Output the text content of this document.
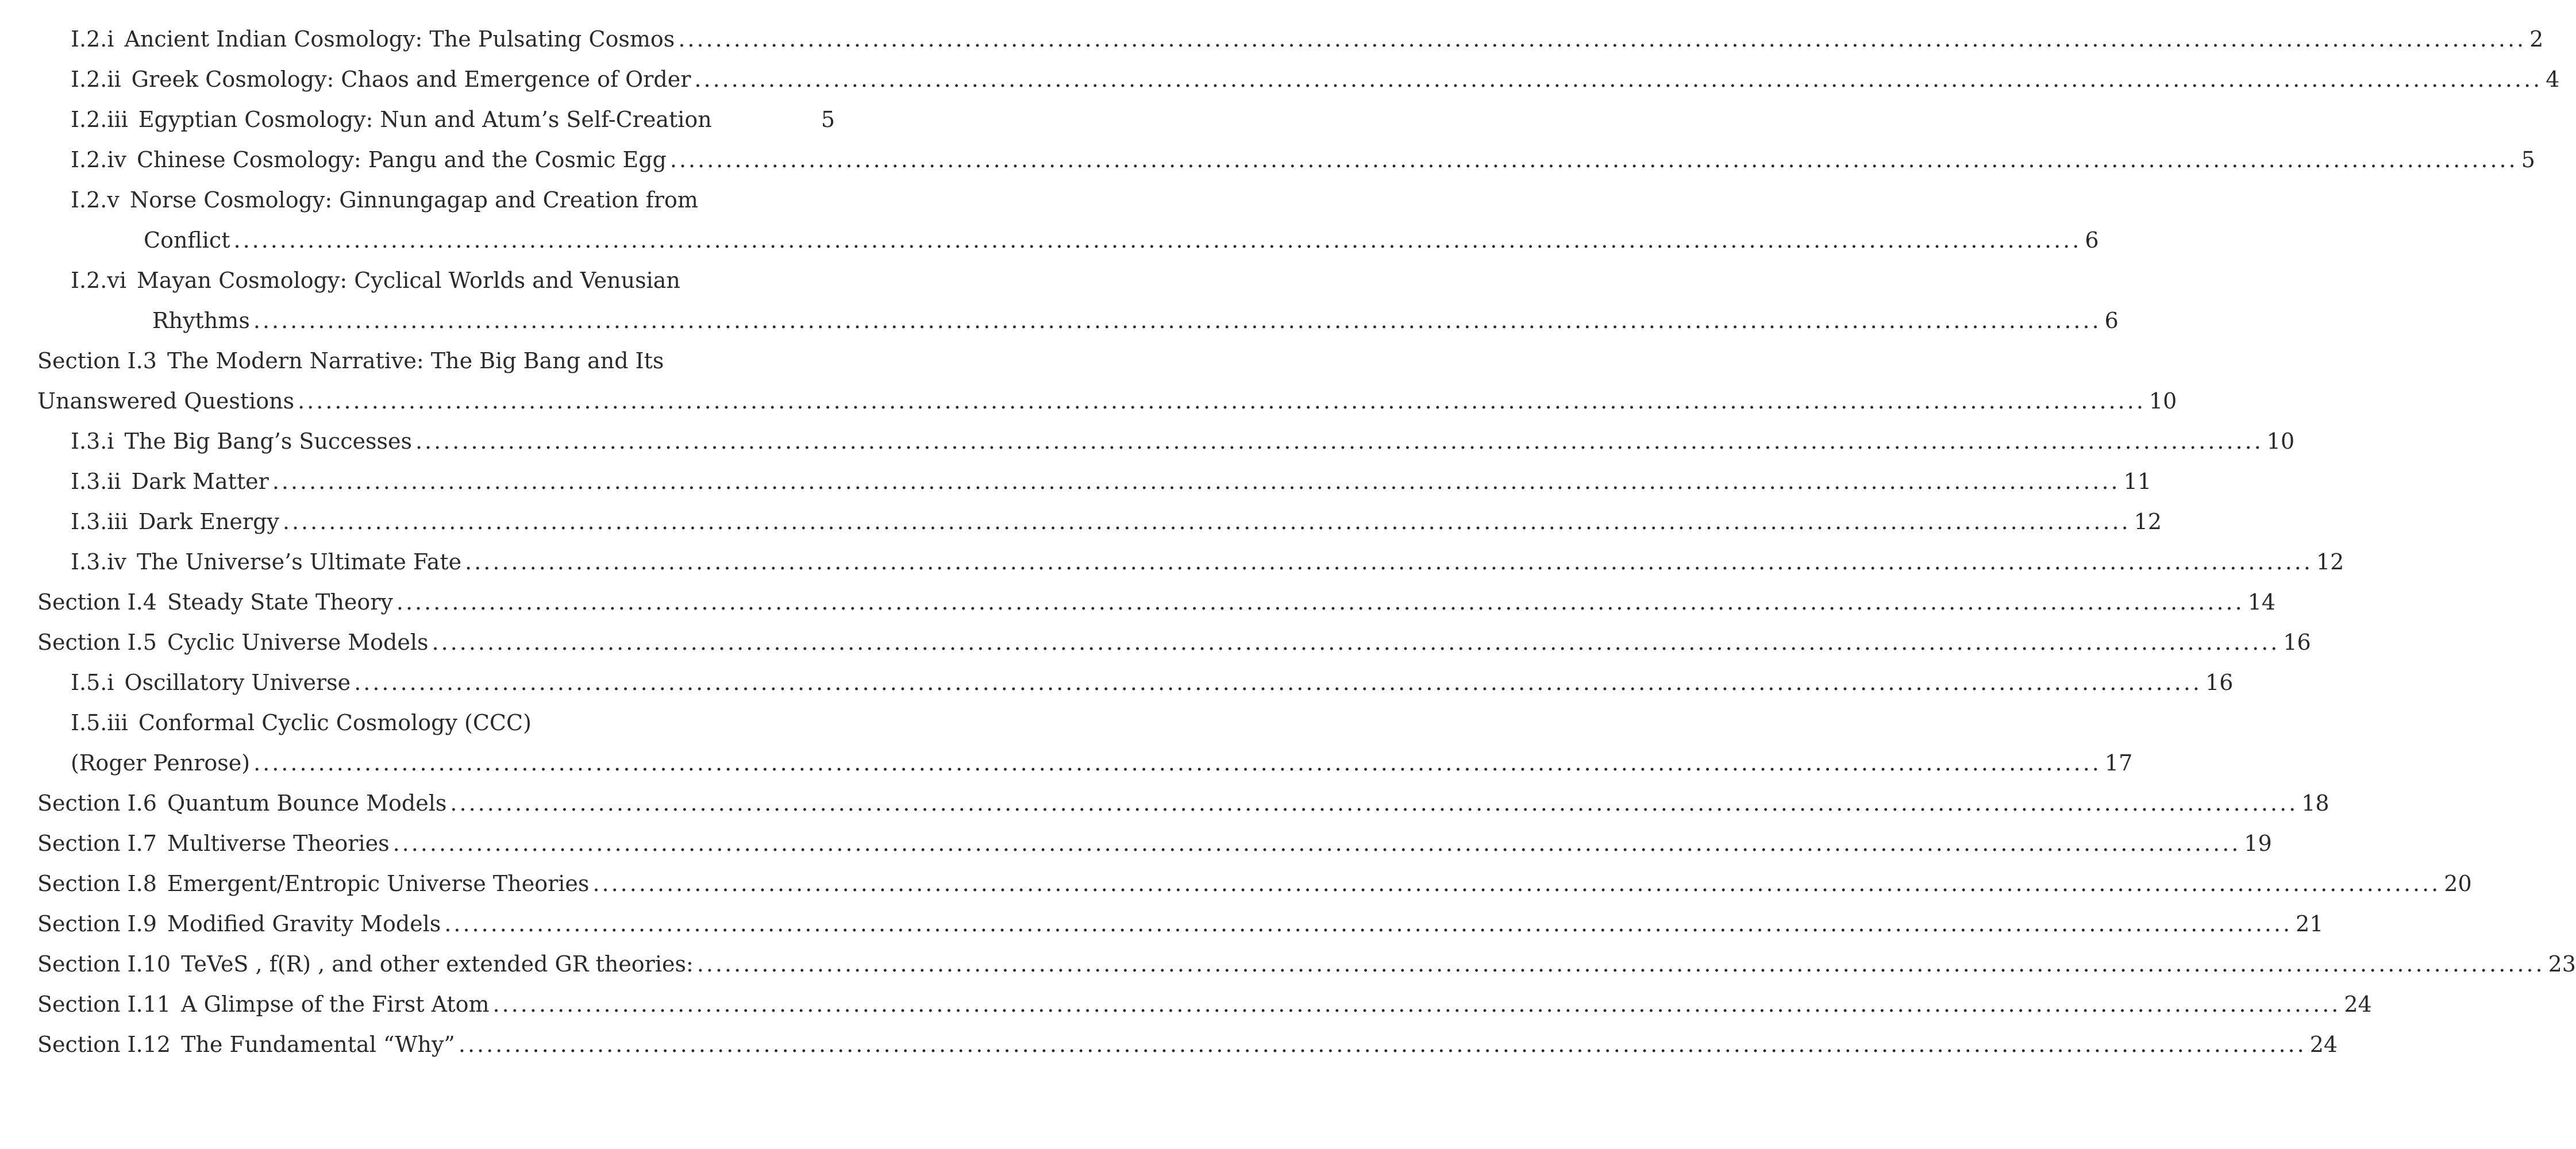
I.2.i Ancient Indian Cosmology: The Pulsating Cosmos ........................................................................................................................................................................................................ 2
I.2.ii Greek Cosmology: Chaos and Emergence of Order ........................................................................................................................................................................................................ 4
I.2.iii Egyptian Cosmology: Nun and Atum’s Self-Creation	5
I.2.iv Chinese Cosmology: Pangu and the Cosmic Egg ........................................................................................................................................................................................................ 5
I.2.v Norse Cosmology: Ginnungagap and Creation from
Conflict ........................................................................................................................................................................................................ 6
I.2.vi Mayan Cosmology: Cyclical Worlds and Venusian
Rhythms ........................................................................................................................................................................................................ 6
Section I.3 The Modern Narrative: The Big Bang and Its
Unanswered Questions ........................................................................................................................................................................................................ 10
I.3.i The Big Bang’s Successes ........................................................................................................................................................................................................ 10
I.3.ii Dark Matter ........................................................................................................................................................................................................ 11
I.3.iii Dark Energy ........................................................................................................................................................................................................ 12
I.3.iv The Universe’s Ultimate Fate ........................................................................................................................................................................................................ 12
Section I.4 Steady State Theory ........................................................................................................................................................................................................ 14
Section I.5 Cyclic Universe Models ........................................................................................................................................................................................................ 16
I.5.i Oscillatory Universe ........................................................................................................................................................................................................ 16
I.5.iii Conformal Cyclic Cosmology (CCC)
(Roger Penrose) ........................................................................................................................................................................................................ 17
Section I.6 Quantum Bounce Models ........................................................................................................................................................................................................ 18
Section I.7 Multiverse Theories ........................................................................................................................................................................................................ 19
Section I.8 Emergent/Entropic Universe Theories ........................................................................................................................................................................................................ 20
Section I.9 Modified Gravity Models ........................................................................................................................................................................................................ 21
Section I.10 TeVeS , f(R) , and other extended GR theories: ........................................................................................................................................................................................................ 23
Section I.11 A Glimpse of the First Atom ........................................................................................................................................................................................................ 24
Section I.12 The Fundamental “Why” ........................................................................................................................................................................................................ 24
